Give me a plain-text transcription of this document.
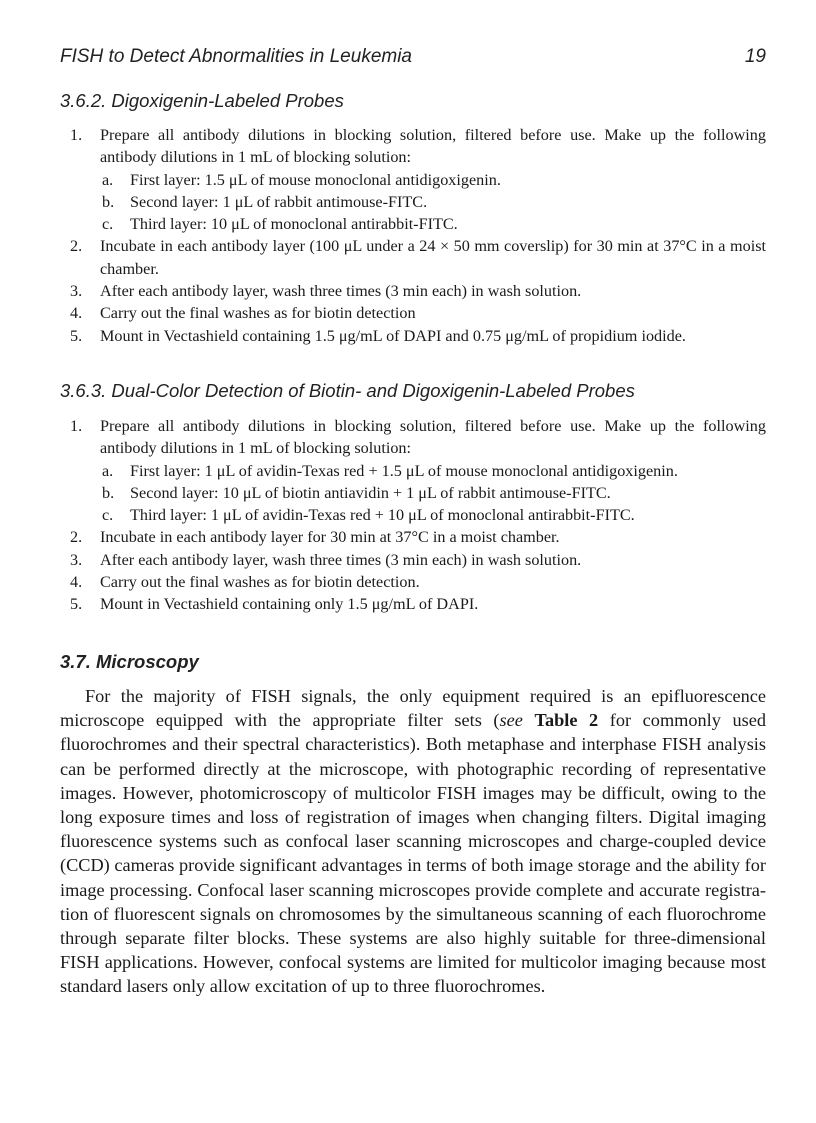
FISH to Detect Abnormalities in Leukemia	19
3.6.2. Digoxigenin-Labeled Probes
1. Prepare all antibody dilutions in blocking solution, filtered before use. Make up the following antibody dilutions in 1 mL of blocking solution:
a. First layer: 1.5 μL of mouse monoclonal antidigoxigenin.
b. Second layer: 1 μL of rabbit antimouse-FITC.
c. Third layer: 10 μL of monoclonal antirabbit-FITC.
2. Incubate in each antibody layer (100 μL under a 24 × 50 mm coverslip) for 30 min at 37°C in a moist chamber.
3. After each antibody layer, wash three times (3 min each) in wash solution.
4. Carry out the final washes as for biotin detection
5. Mount in Vectashield containing 1.5 μg/mL of DAPI and 0.75 μg/mL of propidium iodide.
3.6.3. Dual-Color Detection of Biotin- and Digoxigenin-Labeled Probes
1. Prepare all antibody dilutions in blocking solution, filtered before use. Make up the following antibody dilutions in 1 mL of blocking solution:
a. First layer: 1 μL of avidin-Texas red + 1.5 μL of mouse monoclonal antidigoxigenin.
b. Second layer: 10 μL of biotin antiavidin + 1 μL of rabbit antimouse-FITC.
c. Third layer: 1 μL of avidin-Texas red + 10 μL of monoclonal antirabbit-FITC.
2. Incubate in each antibody layer for 30 min at 37°C in a moist chamber.
3. After each antibody layer, wash three times (3 min each) in wash solution.
4. Carry out the final washes as for biotin detection.
5. Mount in Vectashield containing only 1.5 μg/mL of DAPI.
3.7. Microscopy

For the majority of FISH signals, the only equipment required is an epifluorescence microscope equipped with the appropriate filter sets (see Table 2 for commonly used fluorochromes and their spectral characteristics). Both metaphase and interphase FISH analysis can be performed directly at the microscope, with photographic recording of representative images. However, photomicroscopy of multicolor FISH images may be difficult, owing to the long exposure times and loss of registration of images when changing filters. Digital imaging fluorescence systems such as confocal laser scanning microscopes and charge-coupled device (CCD) cameras provide significant advantages in terms of both image storage and the ability for image processing. Confocal laser scanning microscopes provide complete and accurate registration of fluorescent signals on chromosomes by the simultaneous scanning of each fluorochrome through separate filter blocks. These systems are also highly suitable for three-dimensional FISH applications. However, confocal systems are limited for multicolor imaging because most standard lasers only allow excitation of up to three fluorochromes.
